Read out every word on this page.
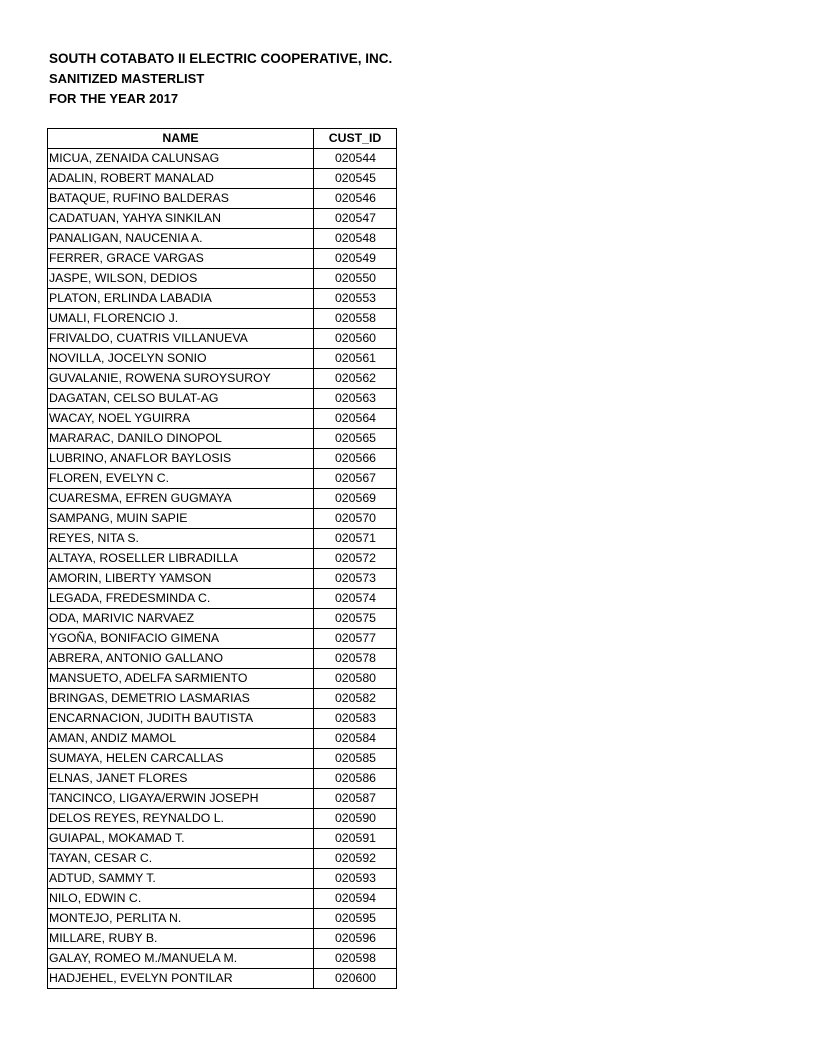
SOUTH COTABATO II ELECTRIC COOPERATIVE, INC.
SANITIZED MASTERLIST
FOR THE YEAR 2017
NAME	CUST_ID
MICUA, ZENAIDA CALUNSAG	020544
ADALIN, ROBERT MANALAD	020545
BATAQUE, RUFINO BALDERAS	020546
CADATUAN, YAHYA SINKILAN	020547
PANALIGAN, NAUCENIA A.	020548
FERRER, GRACE VARGAS	020549
JASPE, WILSON, DEDIOS	020550
PLATON, ERLINDA LABADIA	020553
UMALI, FLORENCIO J.	020558
FRIVALDO, CUATRIS VILLANUEVA	020560
NOVILLA, JOCELYN SONIO	020561
GUVALANIE, ROWENA SUROYSUROY	020562
DAGATAN, CELSO BULAT-AG	020563
WACAY, NOEL YGUIRRA	020564
MARARAC, DANILO DINOPOL	020565
LUBRINO, ANAFLOR BAYLOSIS	020566
FLOREN, EVELYN C.	020567
CUARESMA, EFREN GUGMAYA	020569
SAMPANG, MUIN SAPIE	020570
REYES, NITA S.	020571
ALTAYA, ROSELLER LIBRADILLA	020572
AMORIN, LIBERTY YAMSON	020573
LEGADA, FREDESMINDA C.	020574
ODA, MARIVIC NARVAEZ	020575
YGOÑA, BONIFACIO GIMENA	020577
ABRERA, ANTONIO GALLANO	020578
MANSUETO, ADELFA SARMIENTO	020580
BRINGAS, DEMETRIO LASMARIAS	020582
ENCARNACION, JUDITH BAUTISTA	020583
AMAN, ANDIZ MAMOL	020584
SUMAYA, HELEN CARCALLAS	020585
ELNAS, JANET FLORES	020586
TANCINCO, LIGAYA/ERWIN JOSEPH	020587
DELOS REYES, REYNALDO L.	020590
GUIAPAL, MOKAMAD T.	020591
TAYAN, CESAR C.	020592
ADTUD, SAMMY T.	020593
NILO, EDWIN C.	020594
MONTEJO, PERLITA N.	020595
MILLARE, RUBY B.	020596
GALAY, ROMEO M./MANUELA M.	020598
HADJEHEL, EVELYN PONTILAR	020600
